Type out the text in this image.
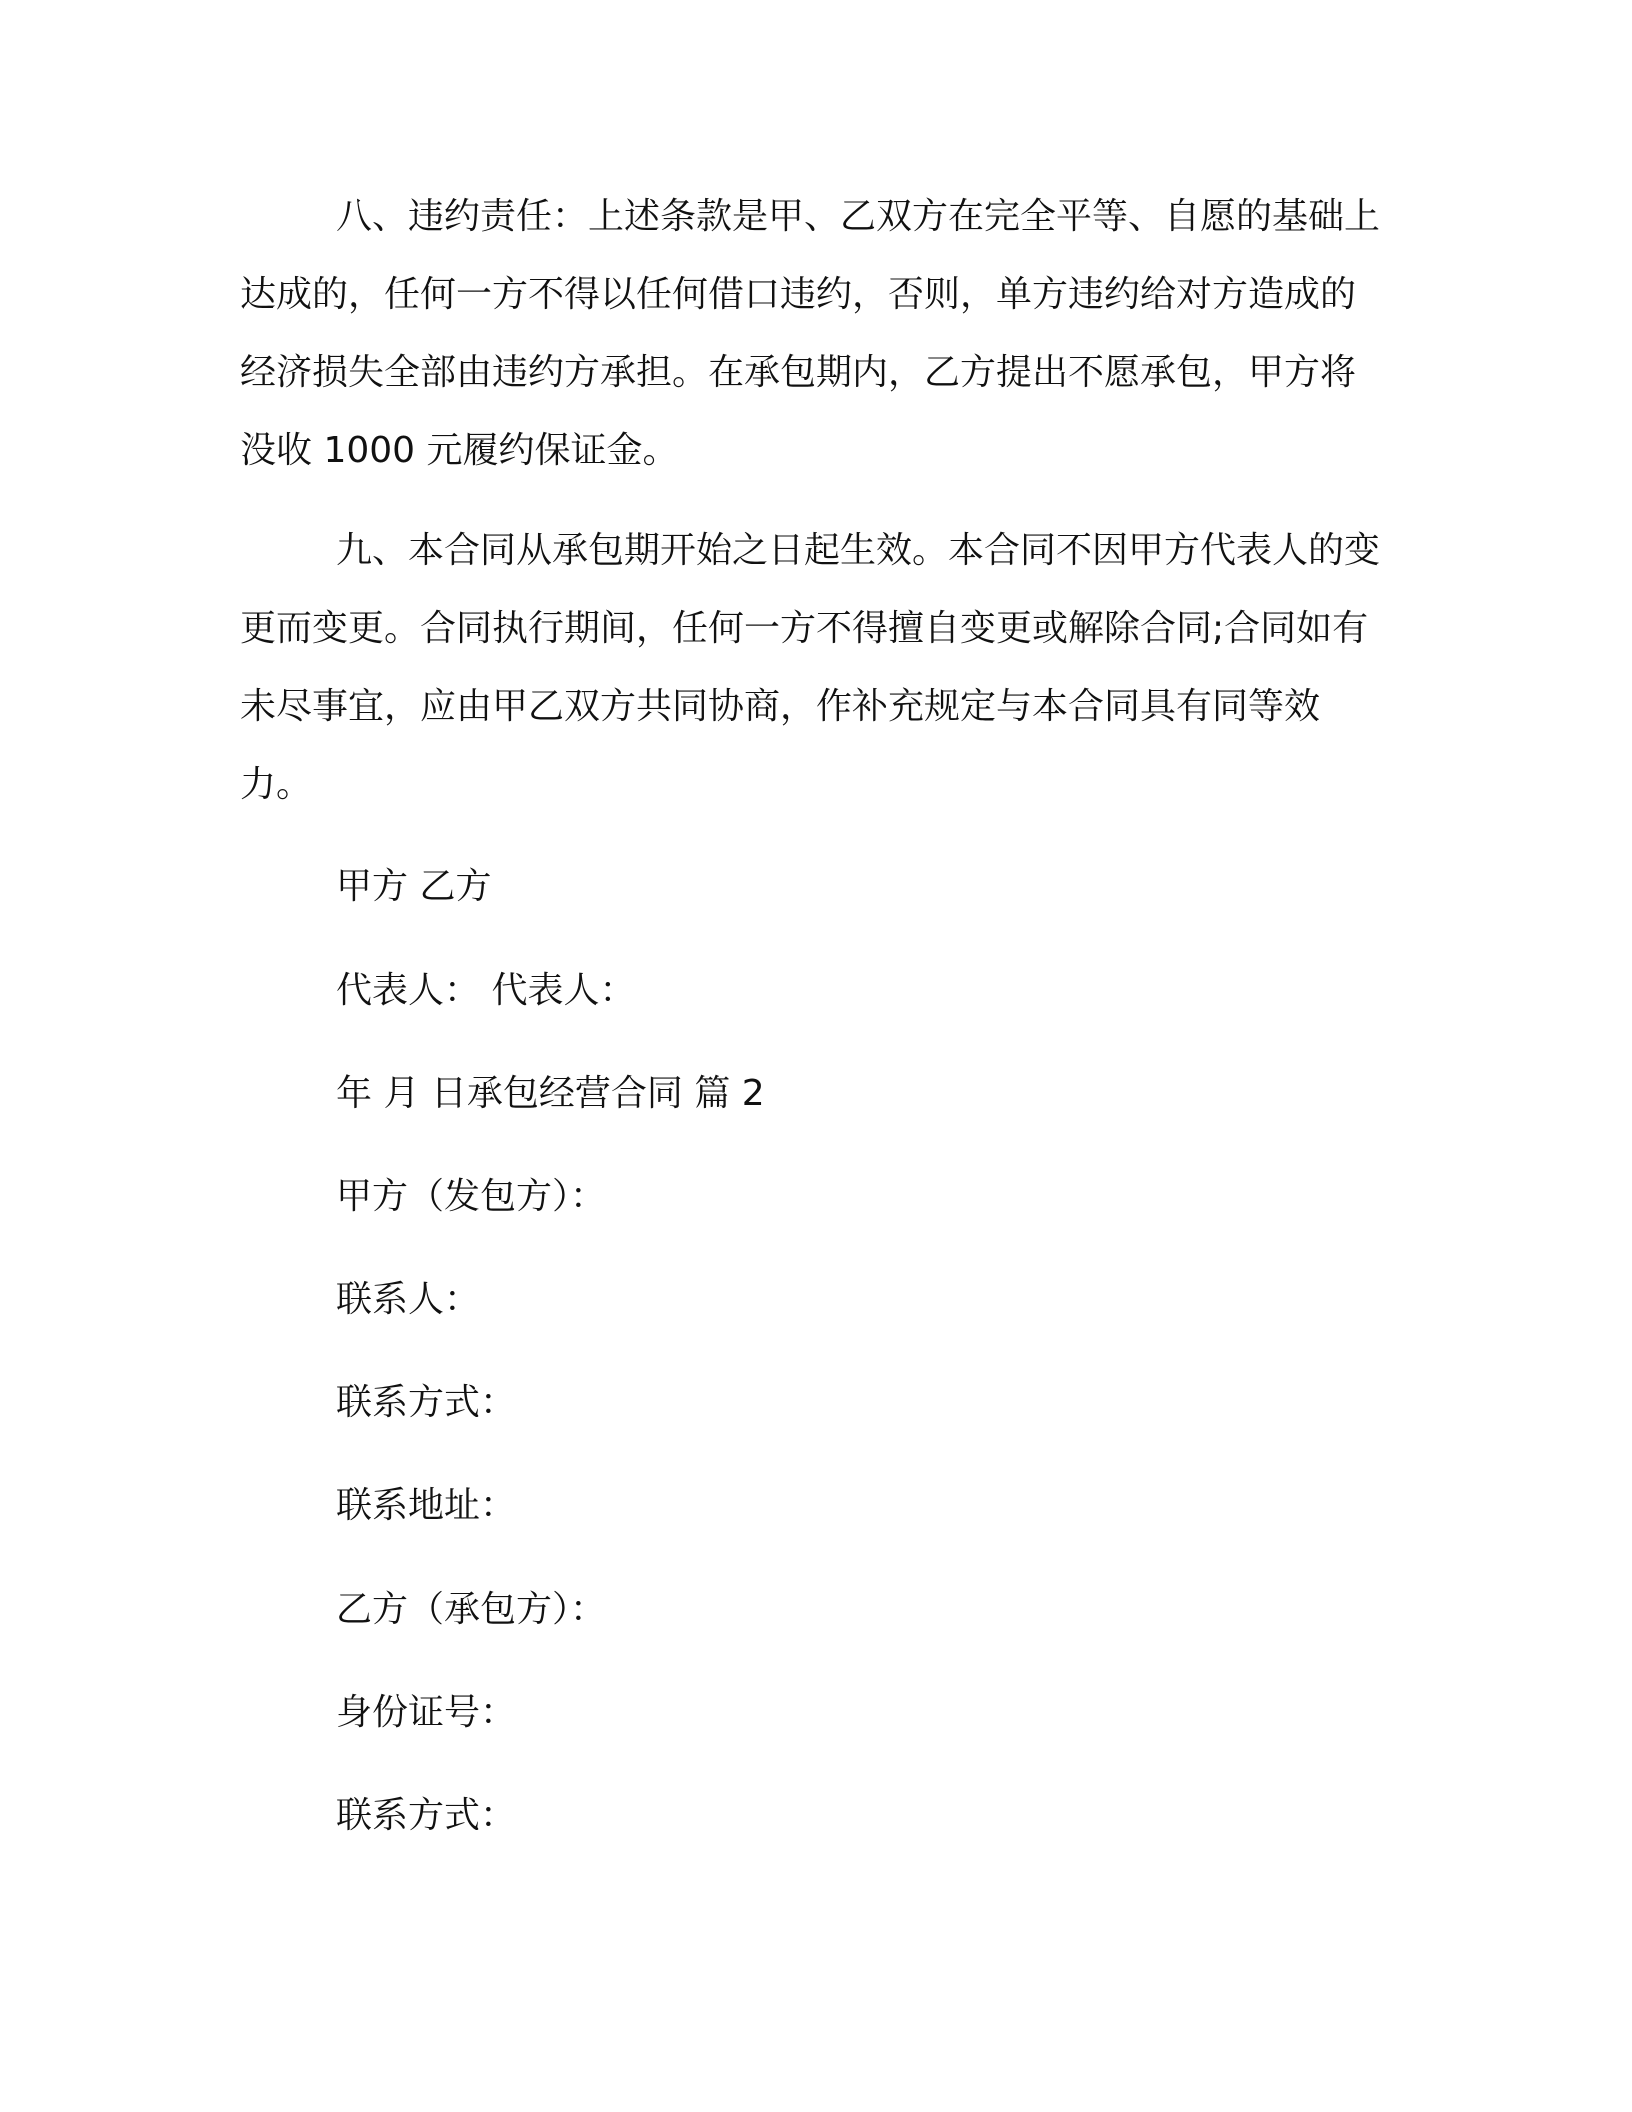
八、违约责任：上述条款是甲、乙双方在完全平等、自愿的基础上达成的，任何一方不得以任何借口违约，否则，单方违约给对方造成的经济损失全部由违约方承担。在承包期内，乙方提出不愿承包，甲方将没收 1000 元履约保证金。

九、本合同从承包期开始之日起生效。本合同不因甲方代表人的变更而变更。合同执行期间，任何一方不得擅自变更或解除合同;合同如有未尽事宜，应由甲乙双方共同协商，作补充规定与本合同具有同等效力。

甲方 乙方

代表人： 代表人：

年 月 日承包经营合同 篇 2

甲方（发包方）：

联系人：

联系方式：

联系地址：

乙方（承包方）：

身份证号：

联系方式：
